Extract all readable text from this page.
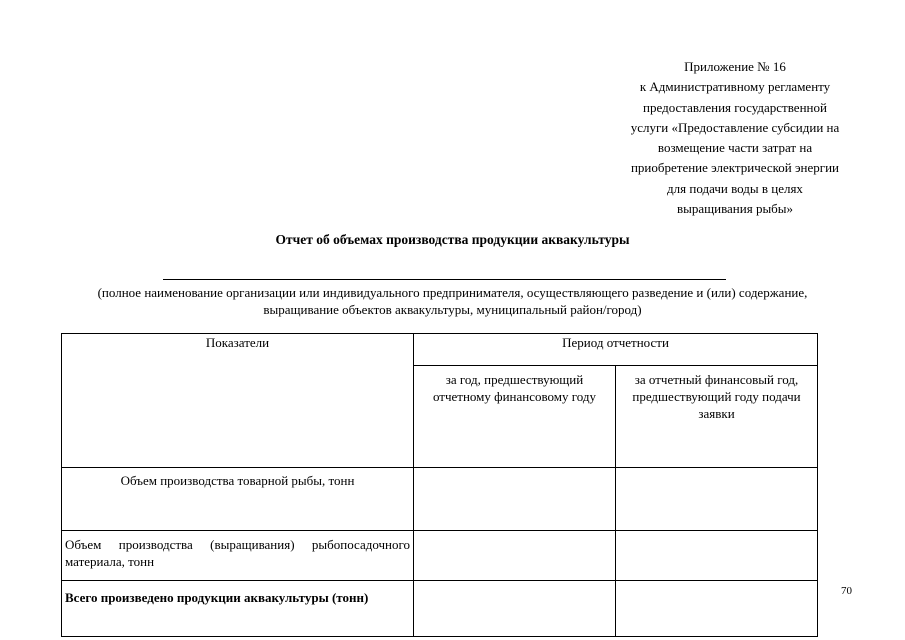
Приложение № 16
к Административному регламенту
предоставления государственной
услуги «Предоставление субсидии на
возмещение части затрат на
приобретение электрической энергии
для подачи воды в целях
выращивания рыбы»
Отчет об объемах производства продукции аквакультуры
(полное наименование организации или индивидуального предпринимателя, осуществляющего разведение и (или) содержание,
выращивание объектов аквакультуры, муниципальный район/город)
Показатели	Период отчетности	
	за год, предшествующий отчетному финансовому году	за отчетный финансовый год, предшествующий году подачи заявки
Объем производства товарной рыбы, тонн		
Объем производства (выращивания) рыбопосадочного материала, тонн		
Всего произведено продукции аквакультуры (тонн)			70
